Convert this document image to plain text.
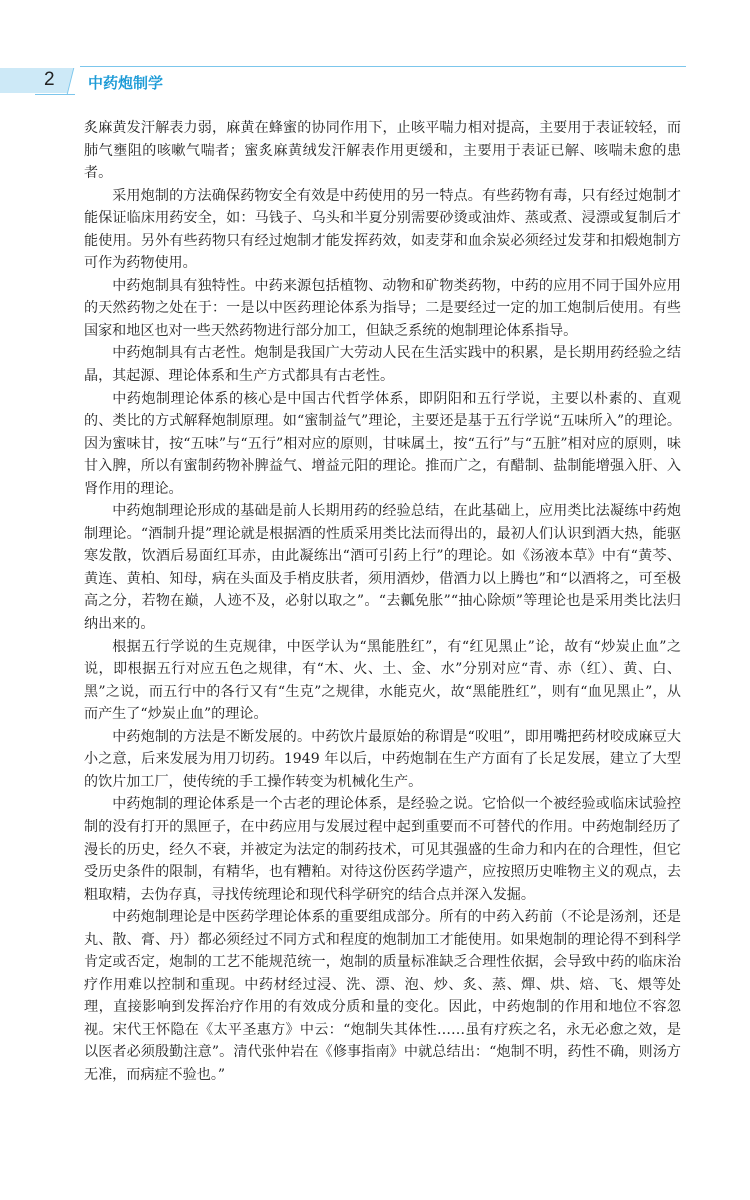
2 中药炮制学

炙麻黄发汗解表力弱，麻黄在蜂蜜的协同作用下，止咳平喘力相对提高，主要用于表证较轻，而肺气壅阻的咳嗽气喘者；蜜炙麻黄绒发汗解表作用更缓和，主要用于表证已解、咳喘未愈的患者。

采用炮制的方法确保药物安全有效是中药使用的另一特点。有些药物有毒，只有经过炮制才能保证临床用药安全，如：马钱子、乌头和半夏分别需要砂烫或油炸、蒸或煮、浸漂或复制后才能使用。另外有些药物只有经过炮制才能发挥药效，如麦芽和血余炭必须经过发芽和扣煅炮制方可作为药物使用。

中药炮制具有独特性。中药来源包括植物、动物和矿物类药物，中药的应用不同于国外应用的天然药物之处在于：一是以中医药理论体系为指导；二是要经过一定的加工炮制后使用。有些国家和地区也对一些天然药物进行部分加工，但缺乏系统的炮制理论体系指导。

中药炮制具有古老性。炮制是我国广大劳动人民在生活实践中的积累，是长期用药经验之结晶，其起源、理论体系和生产方式都具有古老性。

中药炮制理论体系的核心是中国古代哲学体系，即阴阳和五行学说，主要以朴素的、直观的、类比的方式解释炮制原理。如“蜜制益气”理论，主要还是基于五行学说“五味所入”的理论。因为蜜味甘，按“五味”与“五行”相对应的原则，甘味属土，按“五行”与“五脏”相对应的原则，味甘入脾，所以有蜜制药物补脾益气、增益元阳的理论。推而广之，有醋制、盐制能增强入肝、入肾作用的理论。

中药炮制理论形成的基础是前人长期用药的经验总结，在此基础上，应用类比法凝练中药炮制理论。“酒制升提”理论就是根据酒的性质采用类比法而得出的，最初人们认识到酒大热，能驱寒发散，饮酒后易面红耳赤，由此凝练出“酒可引药上行”的理论。如《汤液本草》中有“黄芩、黄连、黄柏、知母，病在头面及手梢皮肤者，须用酒炒，借酒力以上腾也”和“以酒将之，可至极高之分，若物在巅，人迹不及，必射以取之”。“去瓤免胀”“抽心除烦”等理论也是采用类比法归纳出来的。

根据五行学说的生克规律，中医学认为“黑能胜红”，有“红见黑止”论，故有“炒炭止血”之说，即根据五行对应五色之规律，有“木、火、土、金、水”分别对应“青、赤（红）、黄、白、黑”之说，而五行中的各行又有“生克”之规律，水能克火，故“黑能胜红”，则有“血见黑止”，从而产生了“炒炭止血”的理论。

中药炮制的方法是不断发展的。中药饮片最原始的称谓是“㕮咀”，即用嘴把药材咬成麻豆大小之意，后来发展为用刀切药。1949 年以后，中药炮制在生产方面有了长足发展，建立了大型的饮片加工厂，使传统的手工操作转变为机械化生产。

中药炮制的理论体系是一个古老的理论体系，是经验之说。它恰似一个被经验或临床试验控制的没有打开的黑匣子，在中药应用与发展过程中起到重要而不可替代的作用。中药炮制经历了漫长的历史，经久不衰，并被定为法定的制药技术，可见其强盛的生命力和内在的合理性，但它受历史条件的限制，有精华，也有糟粕。对待这份医药学遗产，应按照历史唯物主义的观点，去粗取精，去伪存真，寻找传统理论和现代科学研究的结合点并深入发掘。

中药炮制理论是中医药学理论体系的重要组成部分。所有的中药入药前（不论是汤剂，还是丸、散、膏、丹）都必须经过不同方式和程度的炮制加工才能使用。如果炮制的理论得不到科学肯定或否定，炮制的工艺不能规范统一，炮制的质量标准缺乏合理性依据，会导致中药的临床治疗作用难以控制和重现。中药材经过浸、洗、漂、泡、炒、炙、蒸、燀、烘、焙、飞、煨等处理，直接影响到发挥治疗作用的有效成分质和量的变化。因此，中药炮制的作用和地位不容忽视。宋代王怀隐在《太平圣惠方》中云：“炮制失其体性……虽有疗疾之名，永无必愈之效，是以医者必须殷勤注意”。清代张仲岩在《修事指南》中就总结出：“炮制不明，药性不确，则汤方无准，而病症不验也。”
